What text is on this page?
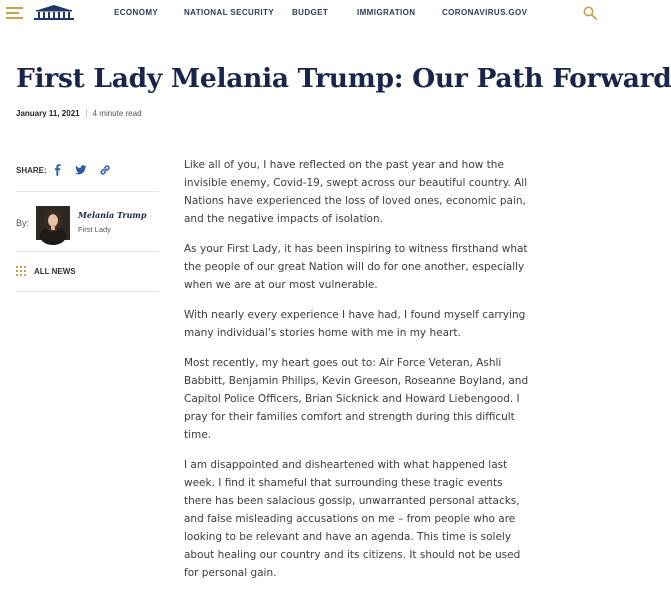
ECONOMY	NATIONAL SECURITY BUDGET	IMMIGRATION	CORONAVIRUS.GOV
First Lady Melania Trump: Our Path Forward
January 11, 2021 4 minute read
SHARE:
By:
Melania Trump
First Lady
ALL NEWS

Like all of you, I have reflected on the past year and how the invisible enemy, Covid-19, swept across our beautiful country. All Nations have experienced the loss of loved ones, economic pain, and the negative impacts of isolation.

As your First Lady, it has been inspiring to witness firsthand what the people of our great Nation will do for one another, especially when we are at our most vulnerable.

With nearly every experience I have had, I found myself carrying many individual's stories home with me in my heart.

Most recently, my heart goes out to: Air Force Veteran, Ashli Babbitt, Benjamin Philips, Kevin Greeson, Roseanne Boyland, and Capitol Police Officers, Brian Sicknick and Howard Liebengood. I pray for their families comfort and strength during this difficult time.

I am disappointed and disheartened with what happened last week. I find it shameful that surrounding these tragic events there has been salacious gossip, unwarranted personal attacks, and false misleading accusations on me – from people who are looking to be relevant and have an agenda. This time is solely about healing our country and its citizens. It should not be used for personal gain.
